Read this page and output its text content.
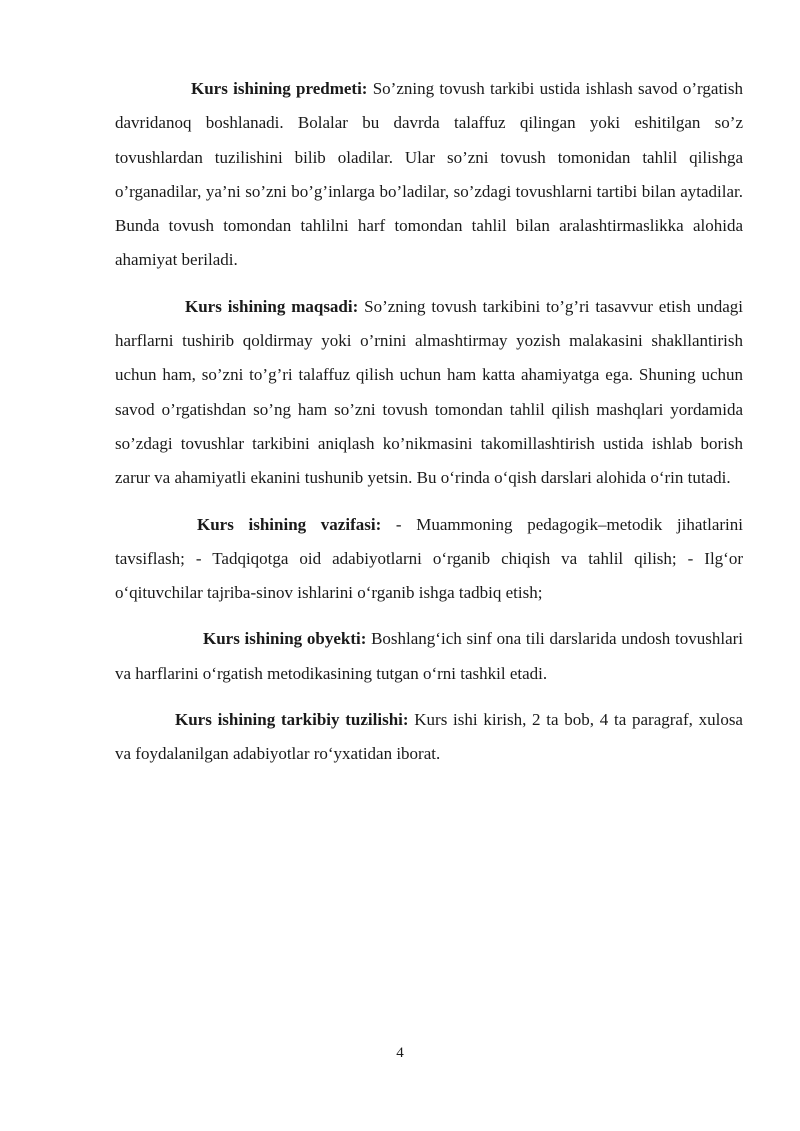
Kurs ishining predmeti: So’zning tovush tarkibi ustida ishlash savod o’rgatish davridanoq boshlanadi. Bolalar bu davrda talaffuz qilingan yoki eshitilgan so’z tovushlardan tuzilishini bilib oladilar. Ular so’zni tovush tomonidan tahlil qilishga o’rganadilar, ya’ni so’zni bo’g’inlarga bo’ladilar, so’zdagi tovushlarni tartibi bilan aytadilar. Bunda tovush tomondan tahlilni harf tomondan tahlil bilan aralashtirmaslikka alohida ahamiyat beriladi.

Kurs ishining maqsadi: So’zning tovush tarkibini to’g’ri tasavvur etish undagi harflarni tushirib qoldirmay yoki o’rnini almashtirmay yozish malakasini shakllantirish uchun ham, so’zni to’g’ri talaffuz qilish uchun ham katta ahamiyatga ega. Shuning uchun savod o’rgatishdan so’ng ham so’zni tovush tomondan tahlil qilish mashqlari yordamida so’zdagi tovushlar tarkibini aniqlash ko’nikmasini takomillashtirish ustida ishlab borish zarur va ahamiyatli ekanini tushunib yetsin. Bu o‘rinda o‘qish darslari alohida o‘rin tutadi.

Kurs ishining vazifasi: - Muammoning pedagogik–metodik jihatlarini tavsiflash; - Tadqiqotga oid adabiyotlarni o‘rganib chiqish va tahlil qilish; - Ilg‘or o‘qituvchilar tajriba-sinov ishlarini o‘rganib ishga tadbiq etish;

Kurs ishining obyekti: Boshlang‘ich sinf ona tili darslarida undosh tovushlari va harflarini o‘rgatish metodikasining tutgan o‘rni tashkil etadi.

Kurs ishining tarkibiy tuzilishi: Kurs ishi kirish, 2 ta bob, 4 ta paragraf, xulosa va foydalanilgan adabiyotlar ro‘yxatidan iborat.

4
